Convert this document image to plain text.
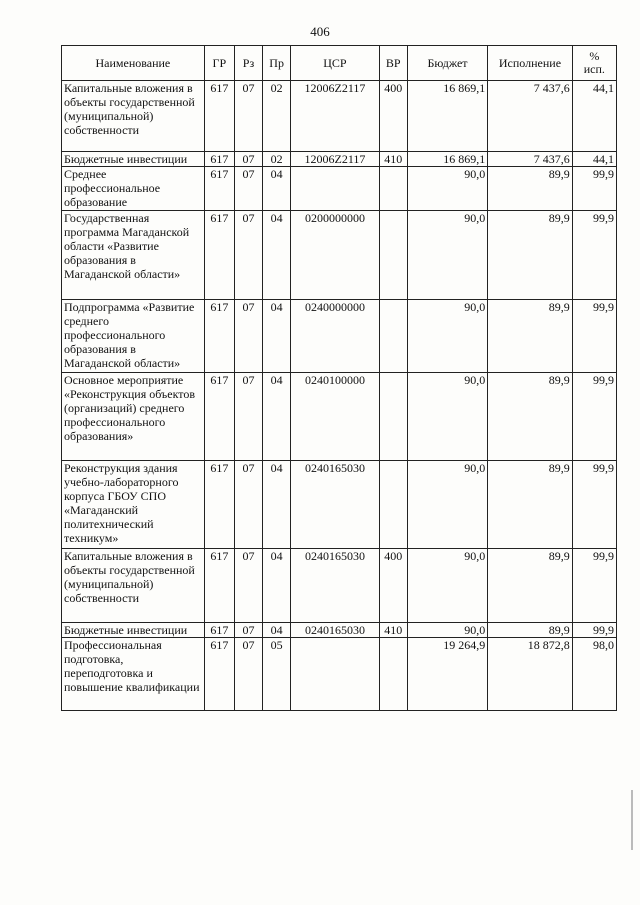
406
Наименование	ГР	Рз	Пр	ЦСР	ВР	Бюджет	Исполнение	%
исп.
Капитальные вложения в объекты государственной (муниципальной) собственности	617	07	02	12006Z2117	400	16 869,1	7 437,6	44,1
Бюджетные инвестиции	617	07	02	12006Z2117	410	16 869,1	7 437,6	44,1
Среднее профессиональное образование	617	07	04			90,0	89,9	99,9
Государственная программа Магаданской области «Развитие образования в Магаданской области»	617	07	04	0200000000		90,0	89,9	99,9
Подпрограмма «Развитие среднего профессионального образования в Магаданской области»	617	07	04	0240000000		90,0	89,9	99,9
Основное мероприятие «Реконструкция объектов (организаций) среднего профессионального образования»	617	07	04	0240100000		90,0	89,9	99,9
Реконструкция здания учебно-лабораторного корпуса ГБОУ СПО «Магаданский политехнический техникум»	617	07	04	0240165030		90,0	89,9	99,9
Капитальные вложения в объекты государственной (муниципальной) собственности	617	07	04	0240165030	400	90,0	89,9	99,9
Бюджетные инвестиции	617	07	04	0240165030	410	90,0	89,9	99,9
Профессиональная подготовка, переподготовка и повышение квалификации	617	07	05			19 264,9	18 872,8	98,0
